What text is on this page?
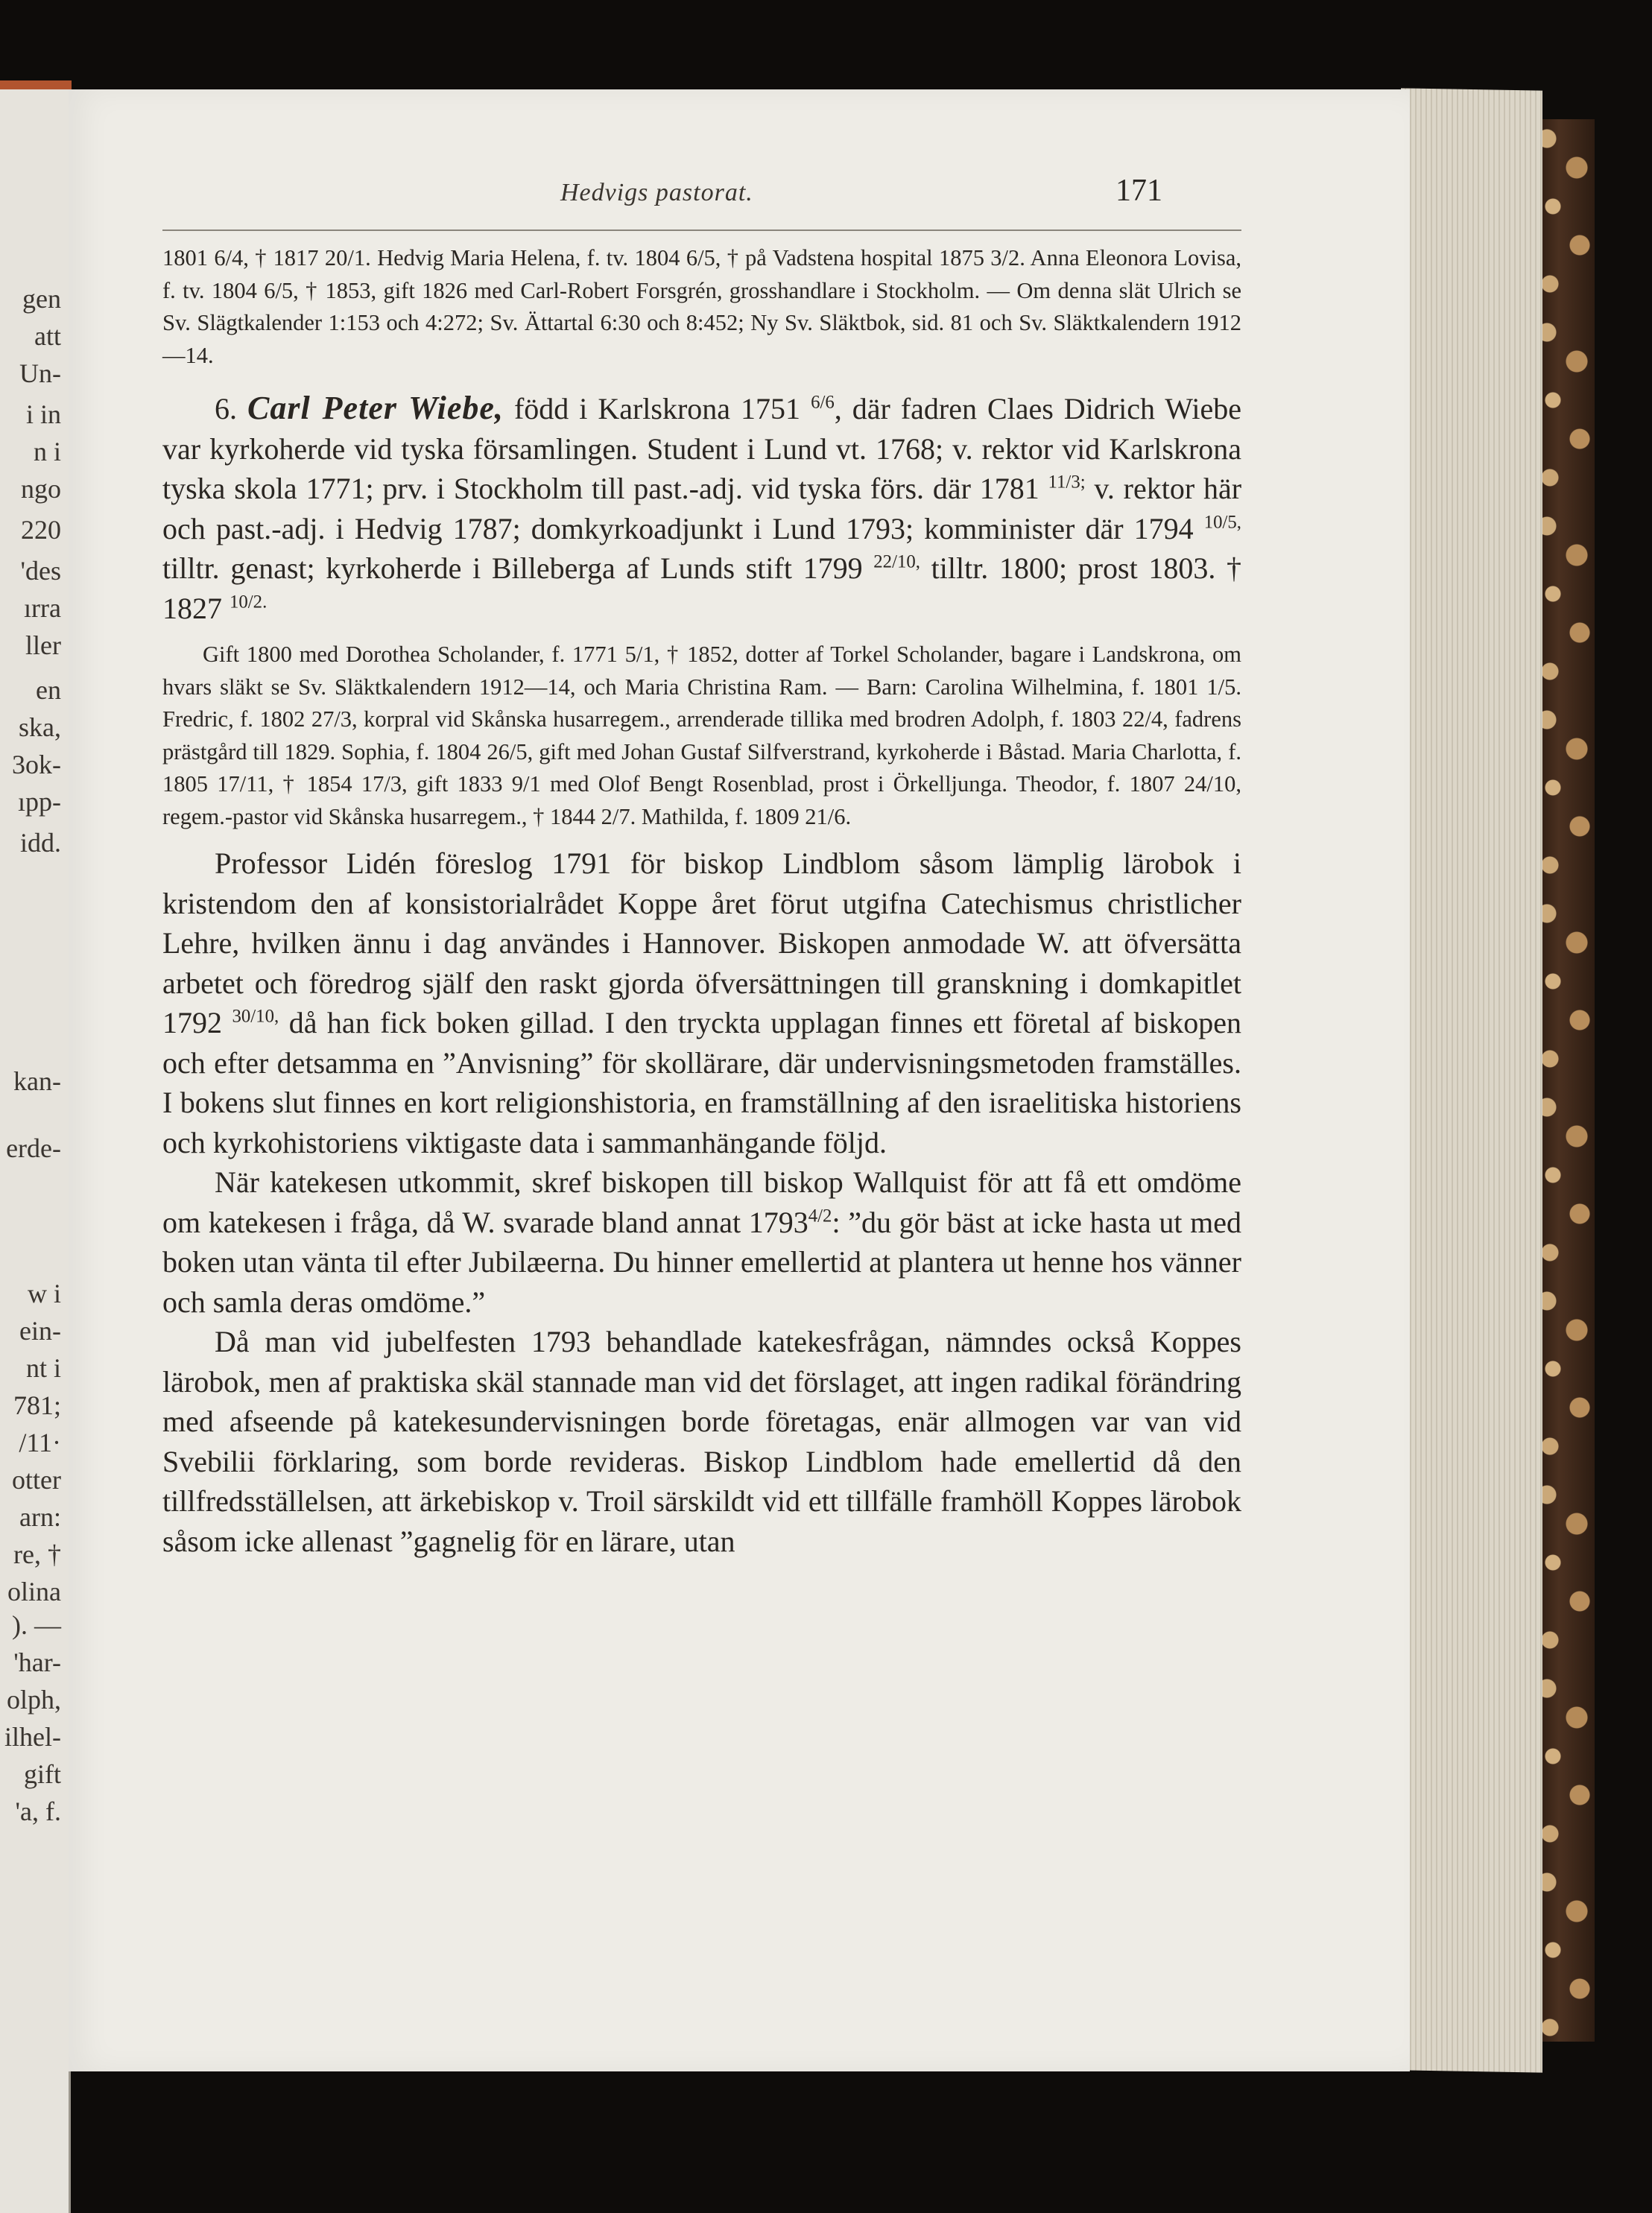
gen
att
Un-
i in
n i
ngo
220
'des
ırra
ller
en
ska,
3ok-
ıpp-
idd.
kan-
erde-
w i
ein-
nt i
781;
/11·
otter
arn:
re, †
olina
). —
'har-
olph,
ilhel-
gift
'a, f.
Hedvigs pastorat.	171

1801 6/4, † 1817 20/1. Hedvig Maria Helena, f. tv. 1804 6/5, † på Vadstena hospital 1875 3/2. Anna Eleonora Lovisa, f. tv. 1804 6/5, † 1853, gift 1826 med Carl-Robert Forsgrén, grosshandlare i Stockholm. — Om denna slät Ulrich se Sv. Slägtkalender 1:153 och 4:272; Sv. Ättartal 6:30 och 8:452; Ny Sv. Släktbok, sid. 81 och Sv. Släktkalendern 1912—14.

6. Carl Peter Wiebe, född i Karlskrona 1751 $^{6/6}$, där fadren Claes Didrich Wiebe var kyrkoherde vid tyska församlingen. Student i Lund vt. 1768; v. rektor vid Karlskrona tyska skola 1771; prv. i Stockholm till past.-adj. vid tyska förs. där 1781 $^{11/3;}$ v. rektor här och past.-adj. i Hedvig 1787; domkyrkoadjunkt i Lund 1793; komminister där 1794 $^{10/5,}$ tilltr. genast; kyrkoherde i Billeberga af Lunds stift 1799 $^{22/10,}$ tilltr. 1800; prost 1803. † 1827 $^{10/2.}$

Gift 1800 med Dorothea Scholander, f. 1771 5/1, † 1852, dotter af Torkel Scholander, bagare i Landskrona, om hvars släkt se Sv. Släktkalendern 1912—14, och Maria Christina Ram. — Barn: Carolina Wilhelmina, f. 1801 1/5. Fredric, f. 1802 27/3, korpral vid Skånska husarregem., arrenderade tillika med brodren Adolph, f. 1803 22/4, fadrens prästgård till 1829. Sophia, f. 1804 26/5, gift med Johan Gustaf Silfverstrand, kyrkoherde i Båstad. Maria Charlotta, f. 1805 17/11, † 1854 17/3, gift 1833 9/1 med Olof Bengt Rosenblad, prost i Örkelljunga. Theodor, f. 1807 24/10, regem.-pastor vid Skånska husarregem., † 1844 2/7. Mathilda, f. 1809 21/6.

Professor Lidén föreslog 1791 för biskop Lindblom såsom lämplig lärobok i kristendom den af konsistorialrådet Koppe året förut utgifna Catechismus christlicher Lehre, hvilken ännu i dag användes i Hannover. Biskopen anmodade W. att öfversätta arbetet och föredrog själf den raskt gjorda öfversättningen till granskning i domkapitlet 1792 $^{30/10,}$ då han fick boken gillad. I den tryckta upplagan finnes ett företal af biskopen och efter detsamma en ”Anvisning” för skollärare, där undervisningsmetoden framställes. I bokens slut finnes en kort religionshistoria, en framställning af den israelitiska historiens och kyrkohistoriens viktigaste data i sammanhängande följd.

När katekesen utkommit, skref biskopen till biskop Wallquist för att få ett omdöme om katekesen i fråga, då W. svarade bland annat $1793^{4/2}$: ”du gör bäst at icke hasta ut med boken utan vänta til efter Jubilæerna. Du hinner emellertid at plantera ut henne hos vänner och samla deras omdöme.”

Då man vid jubelfesten 1793 behandlade katekesfrågan, nämndes också Koppes lärobok, men af praktiska skäl stannade man vid det förslaget, att ingen radikal förändring med afseende på katekesundervisningen borde företagas, enär allmogen var van vid Svebilii förklaring, som borde revideras. Biskop Lindblom hade emellertid då den tillfredsställelsen, att ärkebiskop v. Troil särskildt vid ett tillfälle framhöll Koppes lärobok såsom icke allenast ”gagnelig för en lärare, utan
